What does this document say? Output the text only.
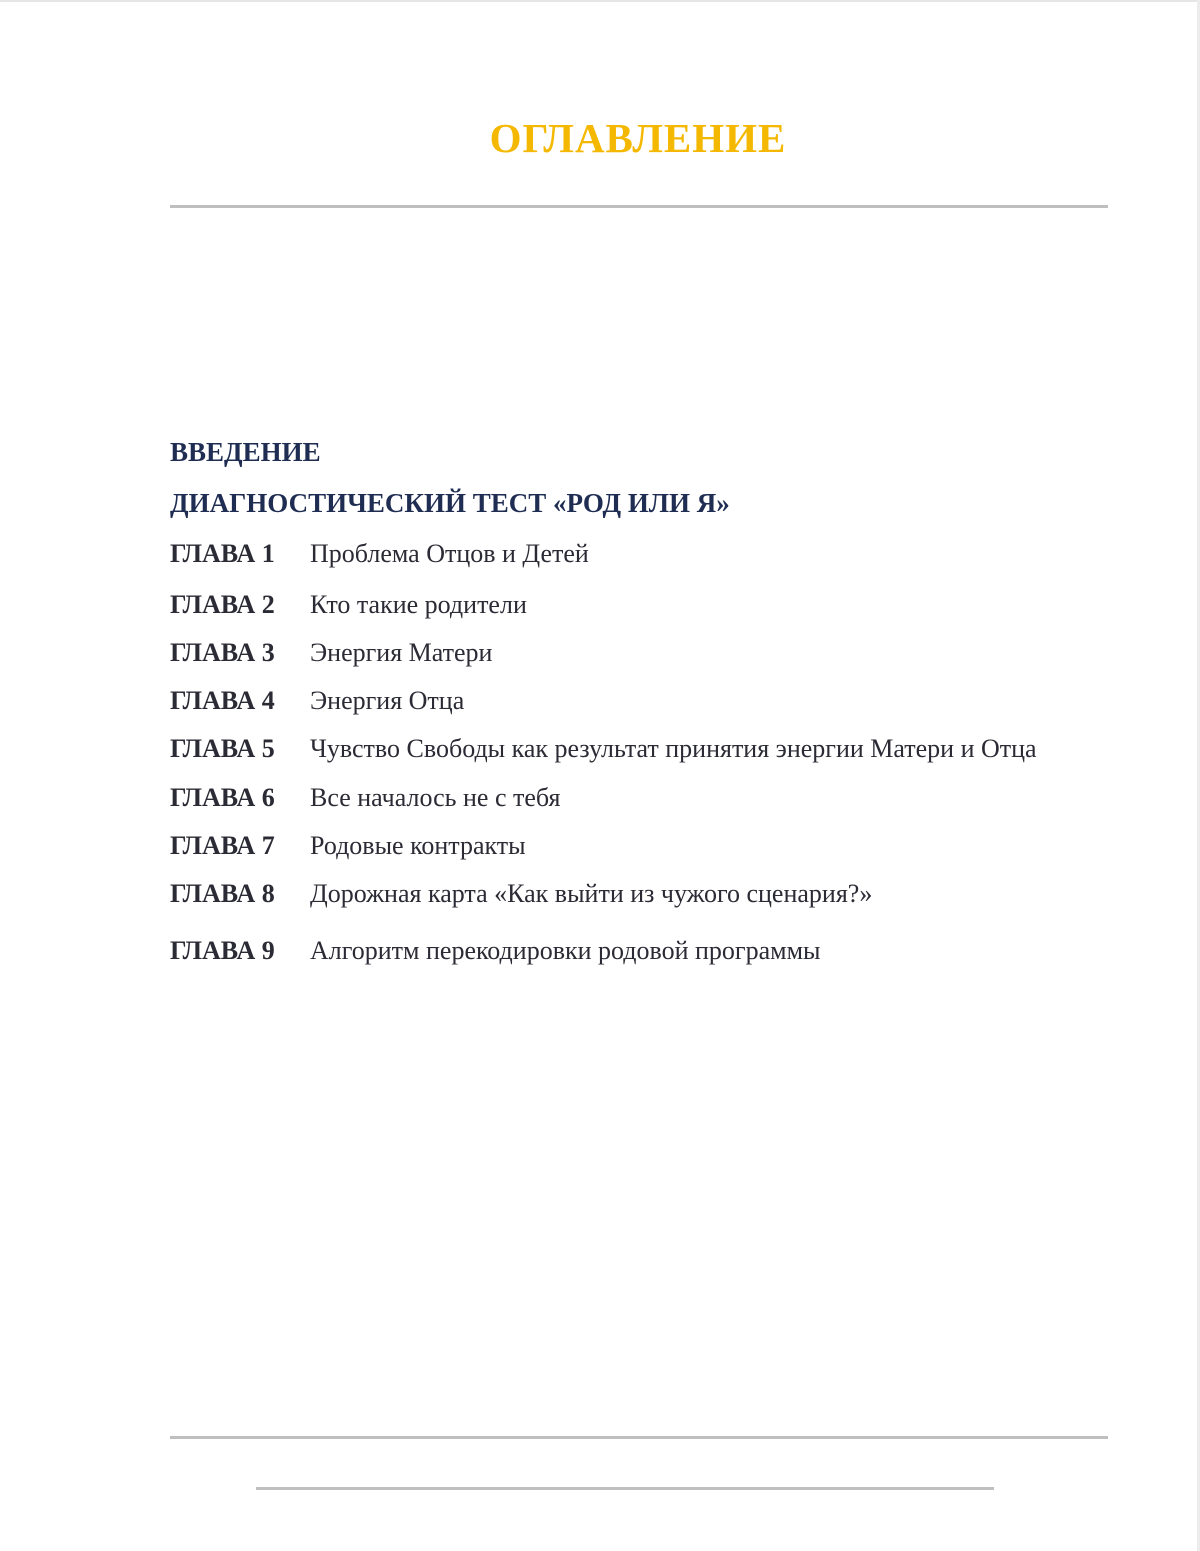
ОГЛАВЛЕНИЕ
ВВЕДЕНИЕ
ДИАГНОСТИЧЕСКИЙ ТЕСТ «РОД ИЛИ Я»
ГЛАВА 1 Проблема Отцов и Детей
ГЛАВА 2 Кто такие родители
ГЛАВА 3 Энергия Матери
ГЛАВА 4 Энергия Отца
ГЛАВА 5 Чувство Свободы как результат принятия энергии Матери и Отца
ГЛАВА 6 Все началось не с тебя
ГЛАВА 7 Родовые контракты
ГЛАВА 8 Дорожная карта «Как выйти из чужого сценария?»
ГЛАВА 9 Алгоритм перекодировки родовой программы
